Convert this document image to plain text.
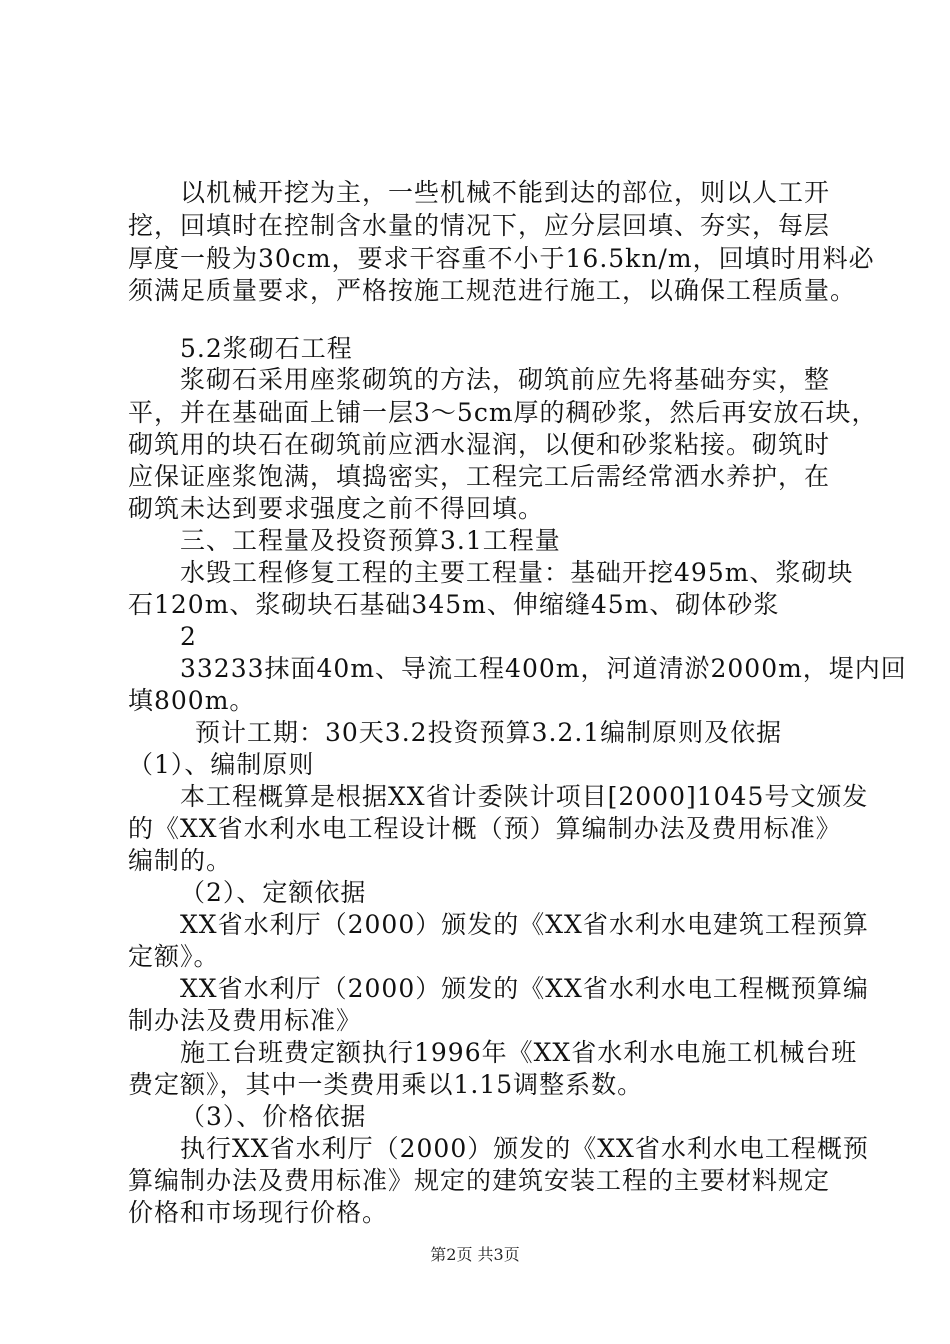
以机械开挖为主，一些机械不能到达的部位，则以人工开
挖，回填时在控制含水量的情况下，应分层回填、夯实，每层
厚度一般为30cm，要求干容重不小于16.5kn/m，回填时用料必
须满足质量要求，严格按施工规范进行施工，以确保工程质量。
5.2浆砌石工程
浆砌石采用座浆砌筑的方法，砌筑前应先将基础夯实，整
平，并在基础面上铺一层3～5cm厚的稠砂浆，然后再安放石块，
砌筑用的块石在砌筑前应洒水湿润，以便和砂浆粘接。砌筑时
应保证座浆饱满，填捣密实，工程完工后需经常洒水养护，在
砌筑未达到要求强度之前不得回填。
三、工程量及投资预算3.1工程量
水毁工程修复工程的主要工程量：基础开挖495m、浆砌块
石120m、浆砌块石基础345m、伸缩缝45m、砌体砂浆
2
33233抹面40m、导流工程400m，河道清淤2000m，堤内回
填800m。
预计工期：30天3.2投资预算3.2.1编制原则及依据
（1）、编制原则
本工程概算是根据XX省计委陕计项目[2000]1045号文颁发
的《XX省水利水电工程设计概（预）算编制办法及费用标准》
编制的。
（2）、定额依据
XX省水利厅（2000）颁发的《XX省水利水电建筑工程预算
定额》。
XX省水利厅（2000）颁发的《XX省水利水电工程概预算编
制办法及费用标准》
施工台班费定额执行1996年《XX省水利水电施工机械台班
费定额》，其中一类费用乘以1.15调整系数。
（3）、价格依据
执行XX省水利厅（2000）颁发的《XX省水利水电工程概预
算编制办法及费用标准》规定的建筑安装工程的主要材料规定
价格和市场现行价格。
第2页 共3页
